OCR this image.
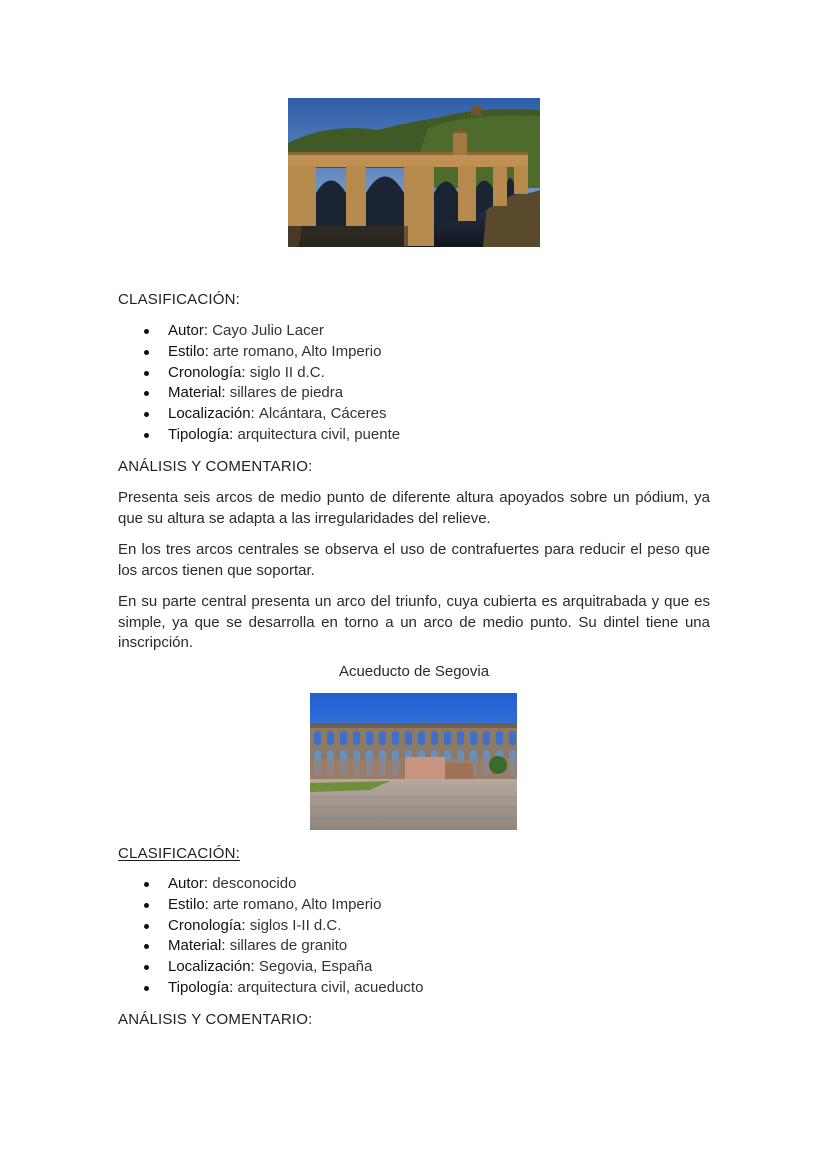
CLASIFICACIÓN:
Autor: Cayo Julio Lacer
Estilo: arte romano, Alto Imperio
Cronología: siglo II d.C.
Material: sillares de piedra
Localización: Alcántara, Cáceres
Tipología: arquitectura civil, puente
ANÁLISIS Y COMENTARIO:

Presenta seis arcos de medio punto de diferente altura apoyados sobre un pódium, ya que su altura se adapta a las irregularidades del relieve.

En los tres arcos centrales se observa el uso de contrafuertes para reducir el peso que los arcos tienen que soportar.

En su parte central presenta un arco del triunfo, cuya cubierta es arquitrabada y que es simple, ya que se desarrolla en torno a un arco de medio punto. Su dintel tiene una inscripción.

Acueducto de Segovia
CLASIFICACIÓN:
Autor: desconocido
Estilo: arte romano, Alto Imperio
Cronología: siglos I-II d.C.
Material: sillares de granito
Localización: Segovia, España
Tipología: arquitectura civil, acueducto
ANÁLISIS Y COMENTARIO:
